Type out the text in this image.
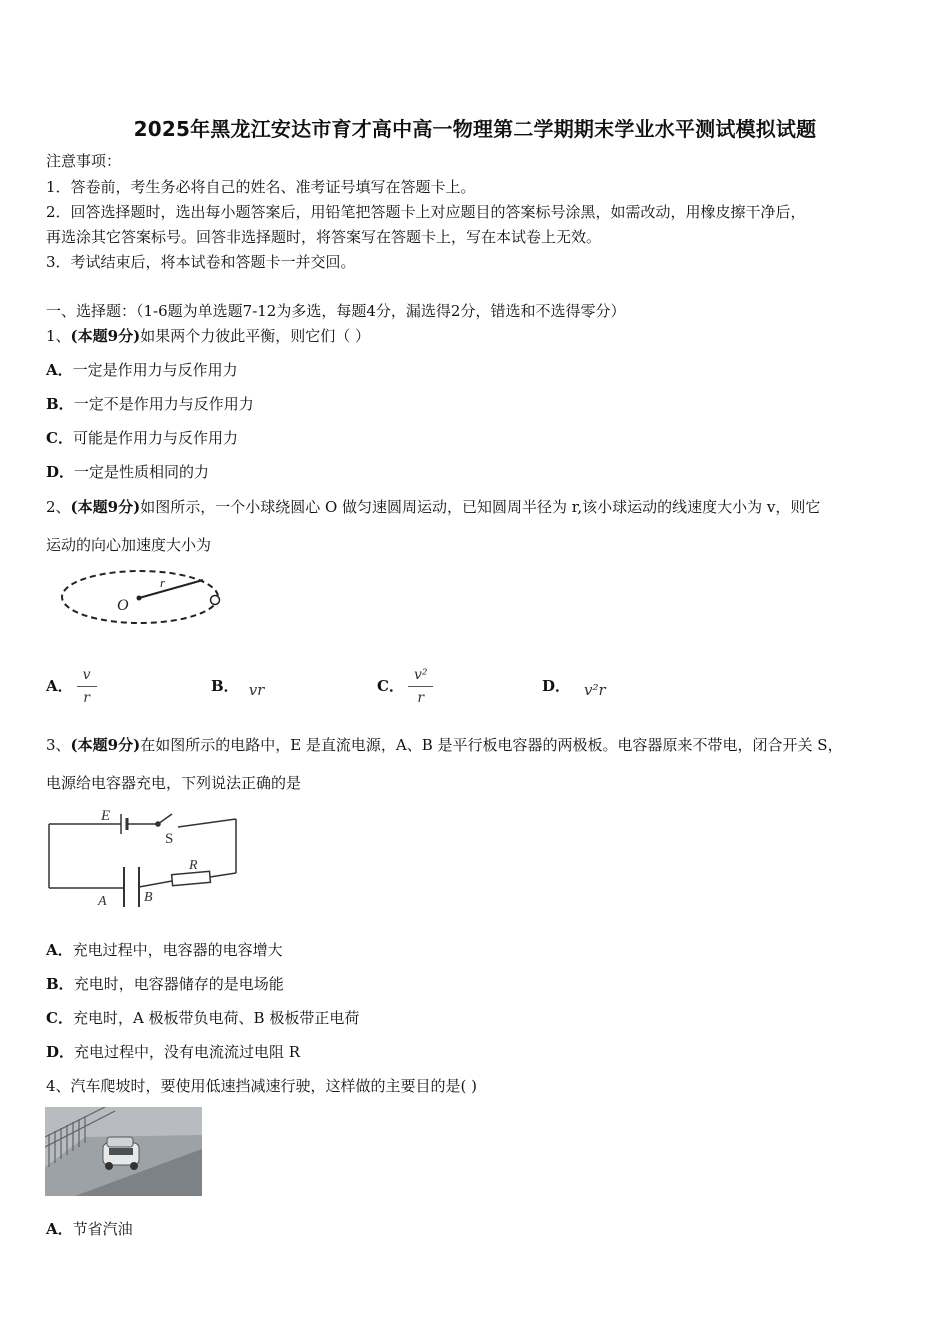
2025年黑龙江安达市育才高中高一物理第二学期期末学业水平测试模拟试题
注意事项：
1．答卷前，考生务必将自己的姓名、准考证号填写在答题卡上。
2．回答选择题时，选出每小题答案后，用铅笔把答题卡上对应题目的答案标号涂黑，如需改动，用橡皮擦干净后，
再选涂其它答案标号。回答非选择题时，将答案写在答题卡上，写在本试卷上无效。
3．考试结束后，将本试卷和答题卡一并交回。
一、选择题：（1-6题为单选题7-12为多选，每题4分，漏选得2分，错选和不选得零分）
1、(本题9分)如果两个力彼此平衡，则它们（ ）
A．一定是作用力与反作用力
B．一定不是作用力与反作用力
C．可能是作用力与反作用力
D．一定是性质相同的力
2、(本题9分)如图所示，一个小球绕圆心 O 做匀速圆周运动，已知圆周半径为 r,该小球运动的线速度大小为 v，则它
运动的向心加速度大小为
O
r
A． $\frac{v}{r}$	B． vr	C． $\frac{\text{v²}}{r}$	D． v²r
3、(本题9分)在如图所示的电路中，E 是直流电源，A、B 是平行板电容器的两极板。电容器原来不带电，闭合开关 S，
电源给电容器充电，下列说法正确的是
E
S
R
A	B
A．充电过程中，电容器的电容增大
B．充电时，电容器储存的是电场能
C．充电时，A 极板带负电荷、B 极板带正电荷
D．充电过程中，没有电流流过电阻 R
4、汽车爬坡时，要使用低速挡减速行驶，这样做的主要目的是( )
A．节省汽油
